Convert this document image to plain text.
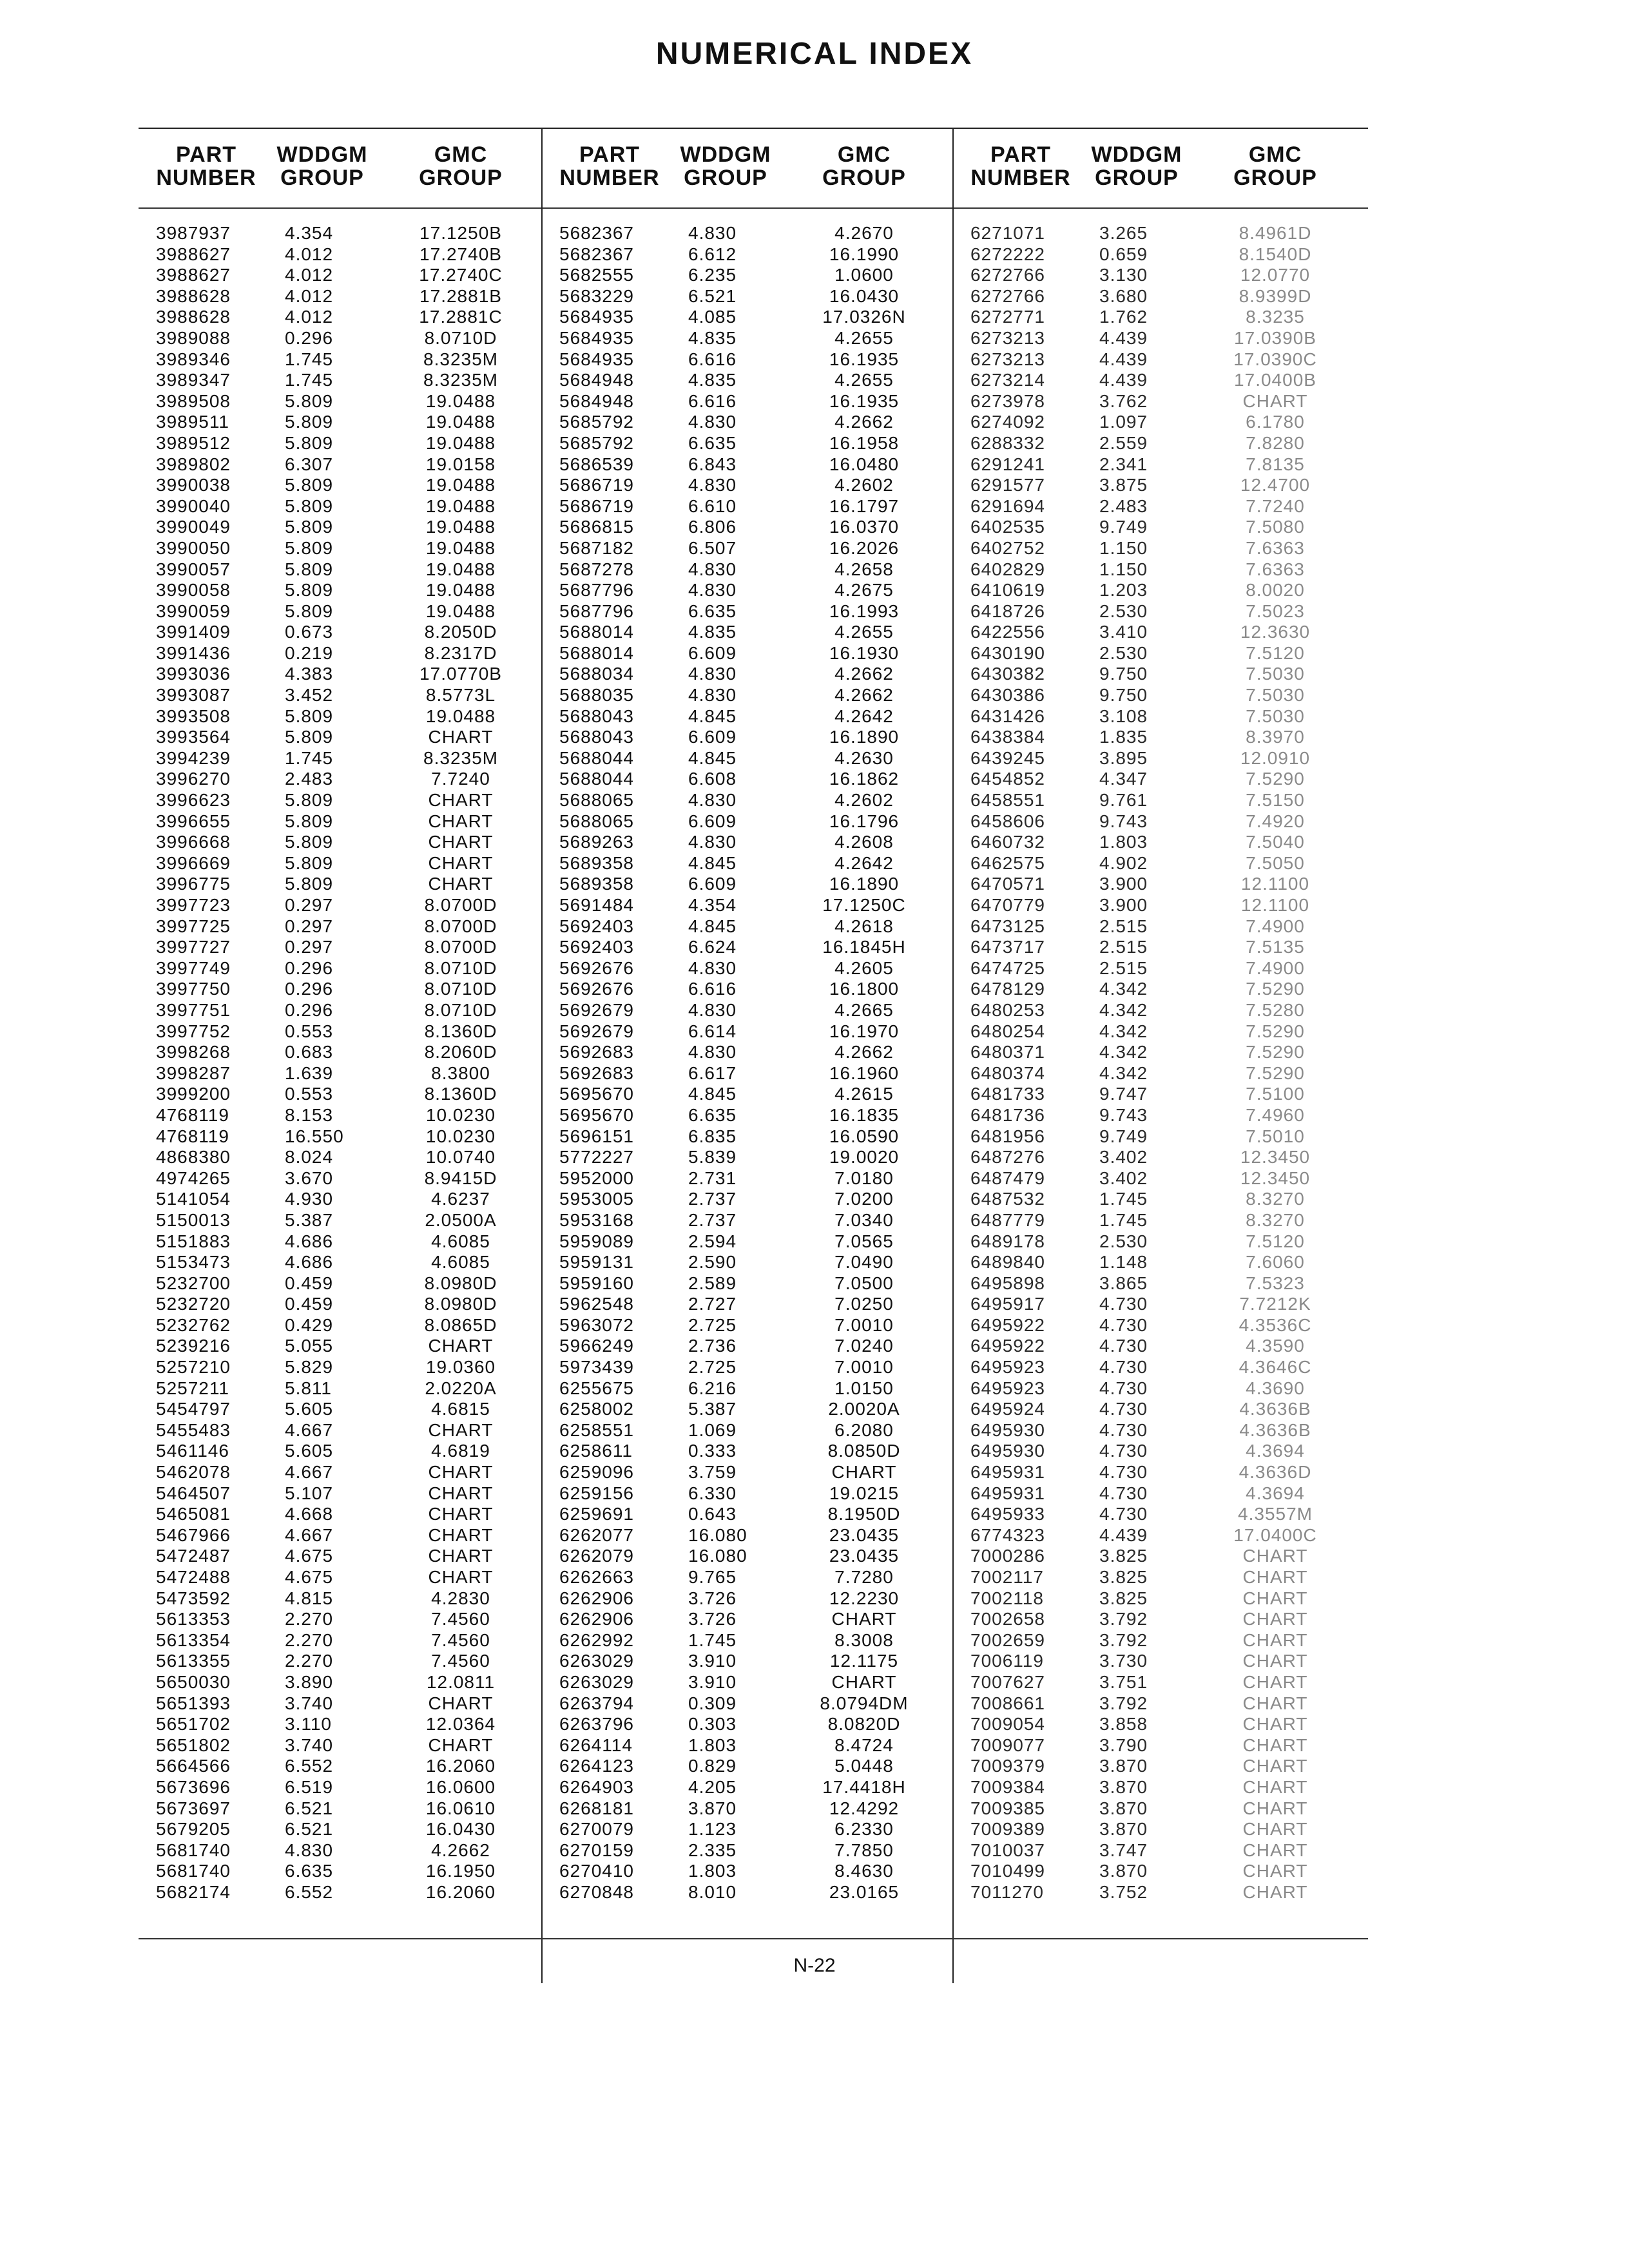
NUMERICAL INDEX
PART
NUMBER
WDDGM
GROUP
GMC
GROUP
3987937	4.354	17.1250B
3988627	4.012	17.2740B
3988627	4.012	17.2740C
3988628	4.012	17.2881B
3988628	4.012	17.2881C
3989088	0.296	8.0710D
3989346	1.745	8.3235M
3989347	1.745	8.3235M
3989508	5.809	19.0488
3989511	5.809	19.0488
3989512	5.809	19.0488
3989802	6.307	19.0158
3990038	5.809	19.0488
3990040	5.809	19.0488
3990049	5.809	19.0488
3990050	5.809	19.0488
3990057	5.809	19.0488
3990058	5.809	19.0488
3990059	5.809	19.0488
3991409	0.673	8.2050D
3991436	0.219	8.2317D
3993036	4.383	17.0770B
3993087	3.452	8.5773L
3993508	5.809	19.0488
3993564	5.809	CHART
3994239	1.745	8.3235M
3996270	2.483	7.7240
3996623	5.809	CHART
3996655	5.809	CHART
3996668	5.809	CHART
3996669	5.809	CHART
3996775	5.809	CHART
3997723	0.297	8.0700D
3997725	0.297	8.0700D
3997727	0.297	8.0700D
3997749	0.296	8.0710D
3997750	0.296	8.0710D
3997751	0.296	8.0710D
3997752	0.553	8.1360D
3998268	0.683	8.2060D
3998287	1.639	8.3800
3999200	0.553	8.1360D
4768119	8.153	10.0230
4768119	16.550	10.0230
4868380	8.024	10.0740
4974265	3.670	8.9415D
5141054	4.930	4.6237
5150013	5.387	2.0500A
5151883	4.686	4.6085
5153473	4.686	4.6085
5232700	0.459	8.0980D
5232720	0.459	8.0980D
5232762	0.429	8.0865D
5239216	5.055	CHART
5257210	5.829	19.0360
5257211	5.811	2.0220A
5454797	5.605	4.6815
5455483	4.667	CHART
5461146	5.605	4.6819
5462078	4.667	CHART
5464507	5.107	CHART
5465081	4.668	CHART
5467966	4.667	CHART
5472487	4.675	CHART
5472488	4.675	CHART
5473592	4.815	4.2830
5613353	2.270	7.4560
5613354	2.270	7.4560
5613355	2.270	7.4560
5650030	3.890	12.0811
5651393	3.740	CHART
5651702	3.110	12.0364
5651802	3.740	CHART
5664566	6.552	16.2060
5673696	6.519	16.0600
5673697	6.521	16.0610
5679205	6.521	16.0430
5681740	4.830	4.2662
5681740	6.635	16.1950
5682174	6.552	16.2060
PART
NUMBER
WDDGM
GROUP
GMC
GROUP
5682367	4.830	4.2670
5682367	6.612	16.1990
5682555	6.235	1.0600
5683229	6.521	16.0430
5684935	4.085	17.0326N
5684935	4.835	4.2655
5684935	6.616	16.1935
5684948	4.835	4.2655
5684948	6.616	16.1935
5685792	4.830	4.2662
5685792	6.635	16.1958
5686539	6.843	16.0480
5686719	4.830	4.2602
5686719	6.610	16.1797
5686815	6.806	16.0370
5687182	6.507	16.2026
5687278	4.830	4.2658
5687796	4.830	4.2675
5687796	6.635	16.1993
5688014	4.835	4.2655
5688014	6.609	16.1930
5688034	4.830	4.2662
5688035	4.830	4.2662
5688043	4.845	4.2642
5688043	6.609	16.1890
5688044	4.845	4.2630
5688044	6.608	16.1862
5688065	4.830	4.2602
5688065	6.609	16.1796
5689263	4.830	4.2608
5689358	4.845	4.2642
5689358	6.609	16.1890
5691484	4.354	17.1250C
5692403	4.845	4.2618
5692403	6.624	16.1845H
5692676	4.830	4.2605
5692676	6.616	16.1800
5692679	4.830	4.2665
5692679	6.614	16.1970
5692683	4.830	4.2662
5692683	6.617	16.1960
5695670	4.845	4.2615
5695670	6.635	16.1835
5696151	6.835	16.0590
5772227	5.839	19.0020
5952000	2.731	7.0180
5953005	2.737	7.0200
5953168	2.737	7.0340
5959089	2.594	7.0565
5959131	2.590	7.0490
5959160	2.589	7.0500
5962548	2.727	7.0250
5963072	2.725	7.0010
5966249	2.736	7.0240
5973439	2.725	7.0010
6255675	6.216	1.0150
6258002	5.387	2.0020A
6258551	1.069	6.2080
6258611	0.333	8.0850D
6259096	3.759	CHART
6259156	6.330	19.0215
6259691	0.643	8.1950D
6262077	16.080	23.0435
6262079	16.080	23.0435
6262663	9.765	7.7280
6262906	3.726	12.2230
6262906	3.726	CHART
6262992	1.745	8.3008
6263029	3.910	12.1175
6263029	3.910	CHART
6263794	0.309	8.0794DM
6263796	0.303	8.0820D
6264114	1.803	8.4724
6264123	0.829	5.0448
6264903	4.205	17.4418H
6268181	3.870	12.4292
6270079	1.123	6.2330
6270159	2.335	7.7850
6270410	1.803	8.4630
6270848	8.010	23.0165
PART
NUMBER
WDDGM
GROUP
GMC
GROUP
6271071	3.265	8.4961D
6272222	0.659	8.1540D
6272766	3.130	12.0770
6272766	3.680	8.9399D
6272771	1.762	8.3235
6273213	4.439	17.0390B
6273213	4.439	17.0390C
6273214	4.439	17.0400B
6273978	3.762	CHART
6274092	1.097	6.1780
6288332	2.559	7.8280
6291241	2.341	7.8135
6291577	3.875	12.4700
6291694	2.483	7.7240
6402535	9.749	7.5080
6402752	1.150	7.6363
6402829	1.150	7.6363
6410619	1.203	8.0020
6418726	2.530	7.5023
6422556	3.410	12.3630
6430190	2.530	7.5120
6430382	9.750	7.5030
6430386	9.750	7.5030
6431426	3.108	7.5030
6438384	1.835	8.3970
6439245	3.895	12.0910
6454852	4.347	7.5290
6458551	9.761	7.5150
6458606	9.743	7.4920
6460732	1.803	7.5040
6462575	4.902	7.5050
6470571	3.900	12.1100
6470779	3.900	12.1100
6473125	2.515	7.4900
6473717	2.515	7.5135
6474725	2.515	7.4900
6478129	4.342	7.5290
6480253	4.342	7.5280
6480254	4.342	7.5290
6480371	4.342	7.5290
6480374	4.342	7.5290
6481733	9.747	7.5100
6481736	9.743	7.4960
6481956	9.749	7.5010
6487276	3.402	12.3450
6487479	3.402	12.3450
6487532	1.745	8.3270
6487779	1.745	8.3270
6489178	2.530	7.5120
6489840	1.148	7.6060
6495898	3.865	7.5323
6495917	4.730	7.7212K
6495922	4.730	4.3536C
6495922	4.730	4.3590
6495923	4.730	4.3646C
6495923	4.730	4.3690
6495924	4.730	4.3636B
6495930	4.730	4.3636B
6495930	4.730	4.3694
6495931	4.730	4.3636D
6495931	4.730	4.3694
6495933	4.730	4.3557M
6774323	4.439	17.0400C
7000286	3.825	CHART
7002117	3.825	CHART
7002118	3.825	CHART
7002658	3.792	CHART
7002659	3.792	CHART
7006119	3.730	CHART
7007627	3.751	CHART
7008661	3.792	CHART
7009054	3.858	CHART
7009077	3.790	CHART
7009379	3.870	CHART
7009384	3.870	CHART
7009385	3.870	CHART
7009389	3.870	CHART
7010037	3.747	CHART
7010499	3.870	CHART
7011270	3.752	CHART
N-22
